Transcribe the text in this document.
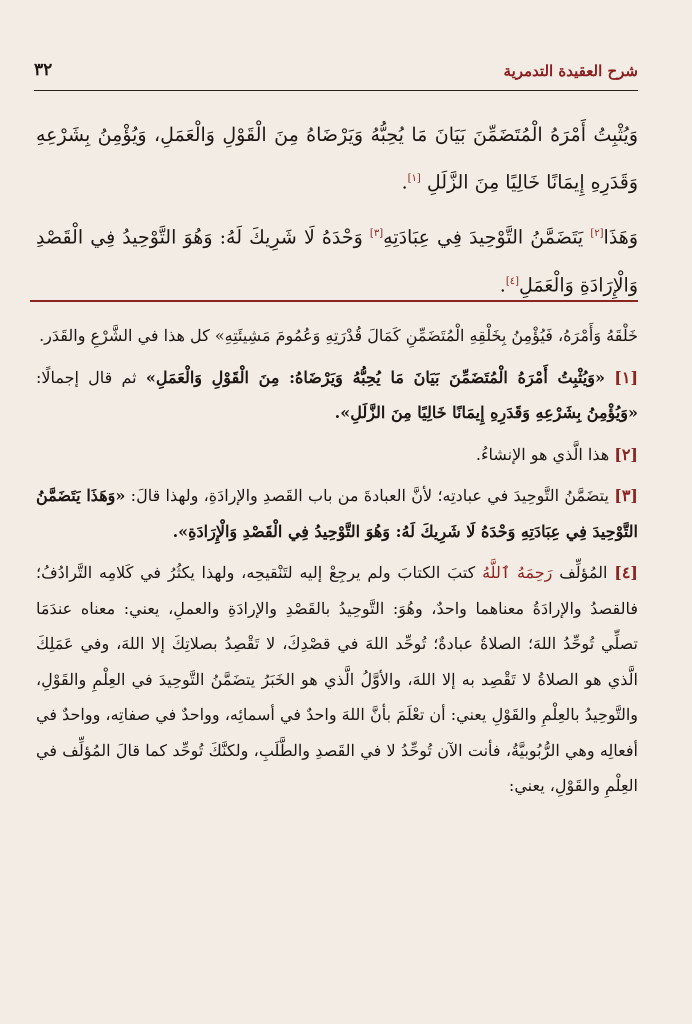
شرح العقيدة التدمرية
٣٢

وَيُثْبِتُ أَمْرَهُ الْمُتَضَمِّنَ بَيَانَ مَا يُحِبُّهُ وَيَرْضَاهُ مِنَ الْقَوْلِ وَالْعَمَلِ، وَيُؤْمِنُ بِشَرْعِهِ وَقَدَرِهِ إِيمَانًا خَالِيًا مِنَ الزَّلَلِ [١].

وَهَذَا[٢] يَتَضَمَّنُ التَّوْحِيدَ فِي عِبَادَتِهِ[٣] وَحْدَهُ لَا شَرِيكَ لَهُ: وَهُوَ التَّوْحِيدُ فِي الْقَصْدِ وَالْإِرَادَةِ وَالْعَمَلِ[٤].

خَلْقَهُ وَأَمْرَهُ، فَيُؤْمِنُ بِخَلْقِهِ الْمُتَضَمِّنِ كَمَالَ قُدْرَتِهِ وَعُمُومَ مَشِيئَتِهِ» كل هذا في الشَّرْعِ والقَدَر.

[١] «وَيُثْبِتُ أَمْرَهُ الْمُتَضَمِّنَ بَيَانَ مَا يُحِبُّهُ وَيَرْضَاهُ: مِنَ الْقَوْلِ وَالْعَمَلِ» ثم قال إجمالًا: «وَيُؤْمِنُ بِشَرْعِهِ وَقَدَرِهِ إِيمَانًا خَالِيًا مِنَ الزَّلَلِ».

[٢] هذا الَّذي هو الإنشاءُ.

[٣] يتضَمَّنُ التَّوحِيدَ في عبادتِه؛ لأنَّ العبادةَ من باب القَصدِ والإرادَةِ، ولهذا قالَ: «وَهَذَا يَتَضَمَّنُ التَّوْحِيدَ فِي عِبَادَتِهِ وَحْدَهُ لَا شَرِيكَ لَهُ: وَهُوَ التَّوْحِيدُ فِي الْقَصْدِ وَالْإِرَادَةِ».

[٤] المُؤلِّف رَحِمَهُ ٱللَّهُ كتبَ الكتابَ ولم يرجِعْ إليه لتَنْقيحِه، ولهذا يكثُرُ في كَلامِه التَّرادُفُ؛ فالقصدُ والإرادَةُ معناهما واحدٌ، وهُوَ: التَّوحِيدُ بالقَصْدِ والإرادَةِ والعملِ، يعني: معناه عندَمَا تصلِّي تُوحِّدُ اللهَ؛ الصلاةُ عبادةٌ؛ تُوحِّد اللهَ في قصْدِكَ، لا تَقْصِدُ بصلاتِكَ إلا اللهَ، وفي عَمَلِكَ الَّذي هو الصلاةُ لا تَقْصِد به إلا اللهَ، والأوَّلُ الَّذي هو الخَبَرُ يتضَمَّنُ التَّوحِيدَ في العِلْمِ والقَوْلِ، والتَّوحِيدُ بالعِلْمِ والقَوْلِ يعني: أن تعْلَمَ بأنَّ اللهَ واحدٌ في أسمائِه، وواحدٌ في صفاتِه، وواحدٌ في أفعالِه وهي الرُّبُوبيَّةُ، فأنت الآن تُوحِّدُ لا في القَصدِ والطَّلَبِ، ولكنَّكَ تُوحِّد كما قالَ المُؤلِّف في العِلْمِ والقَوْلِ، يعني:
